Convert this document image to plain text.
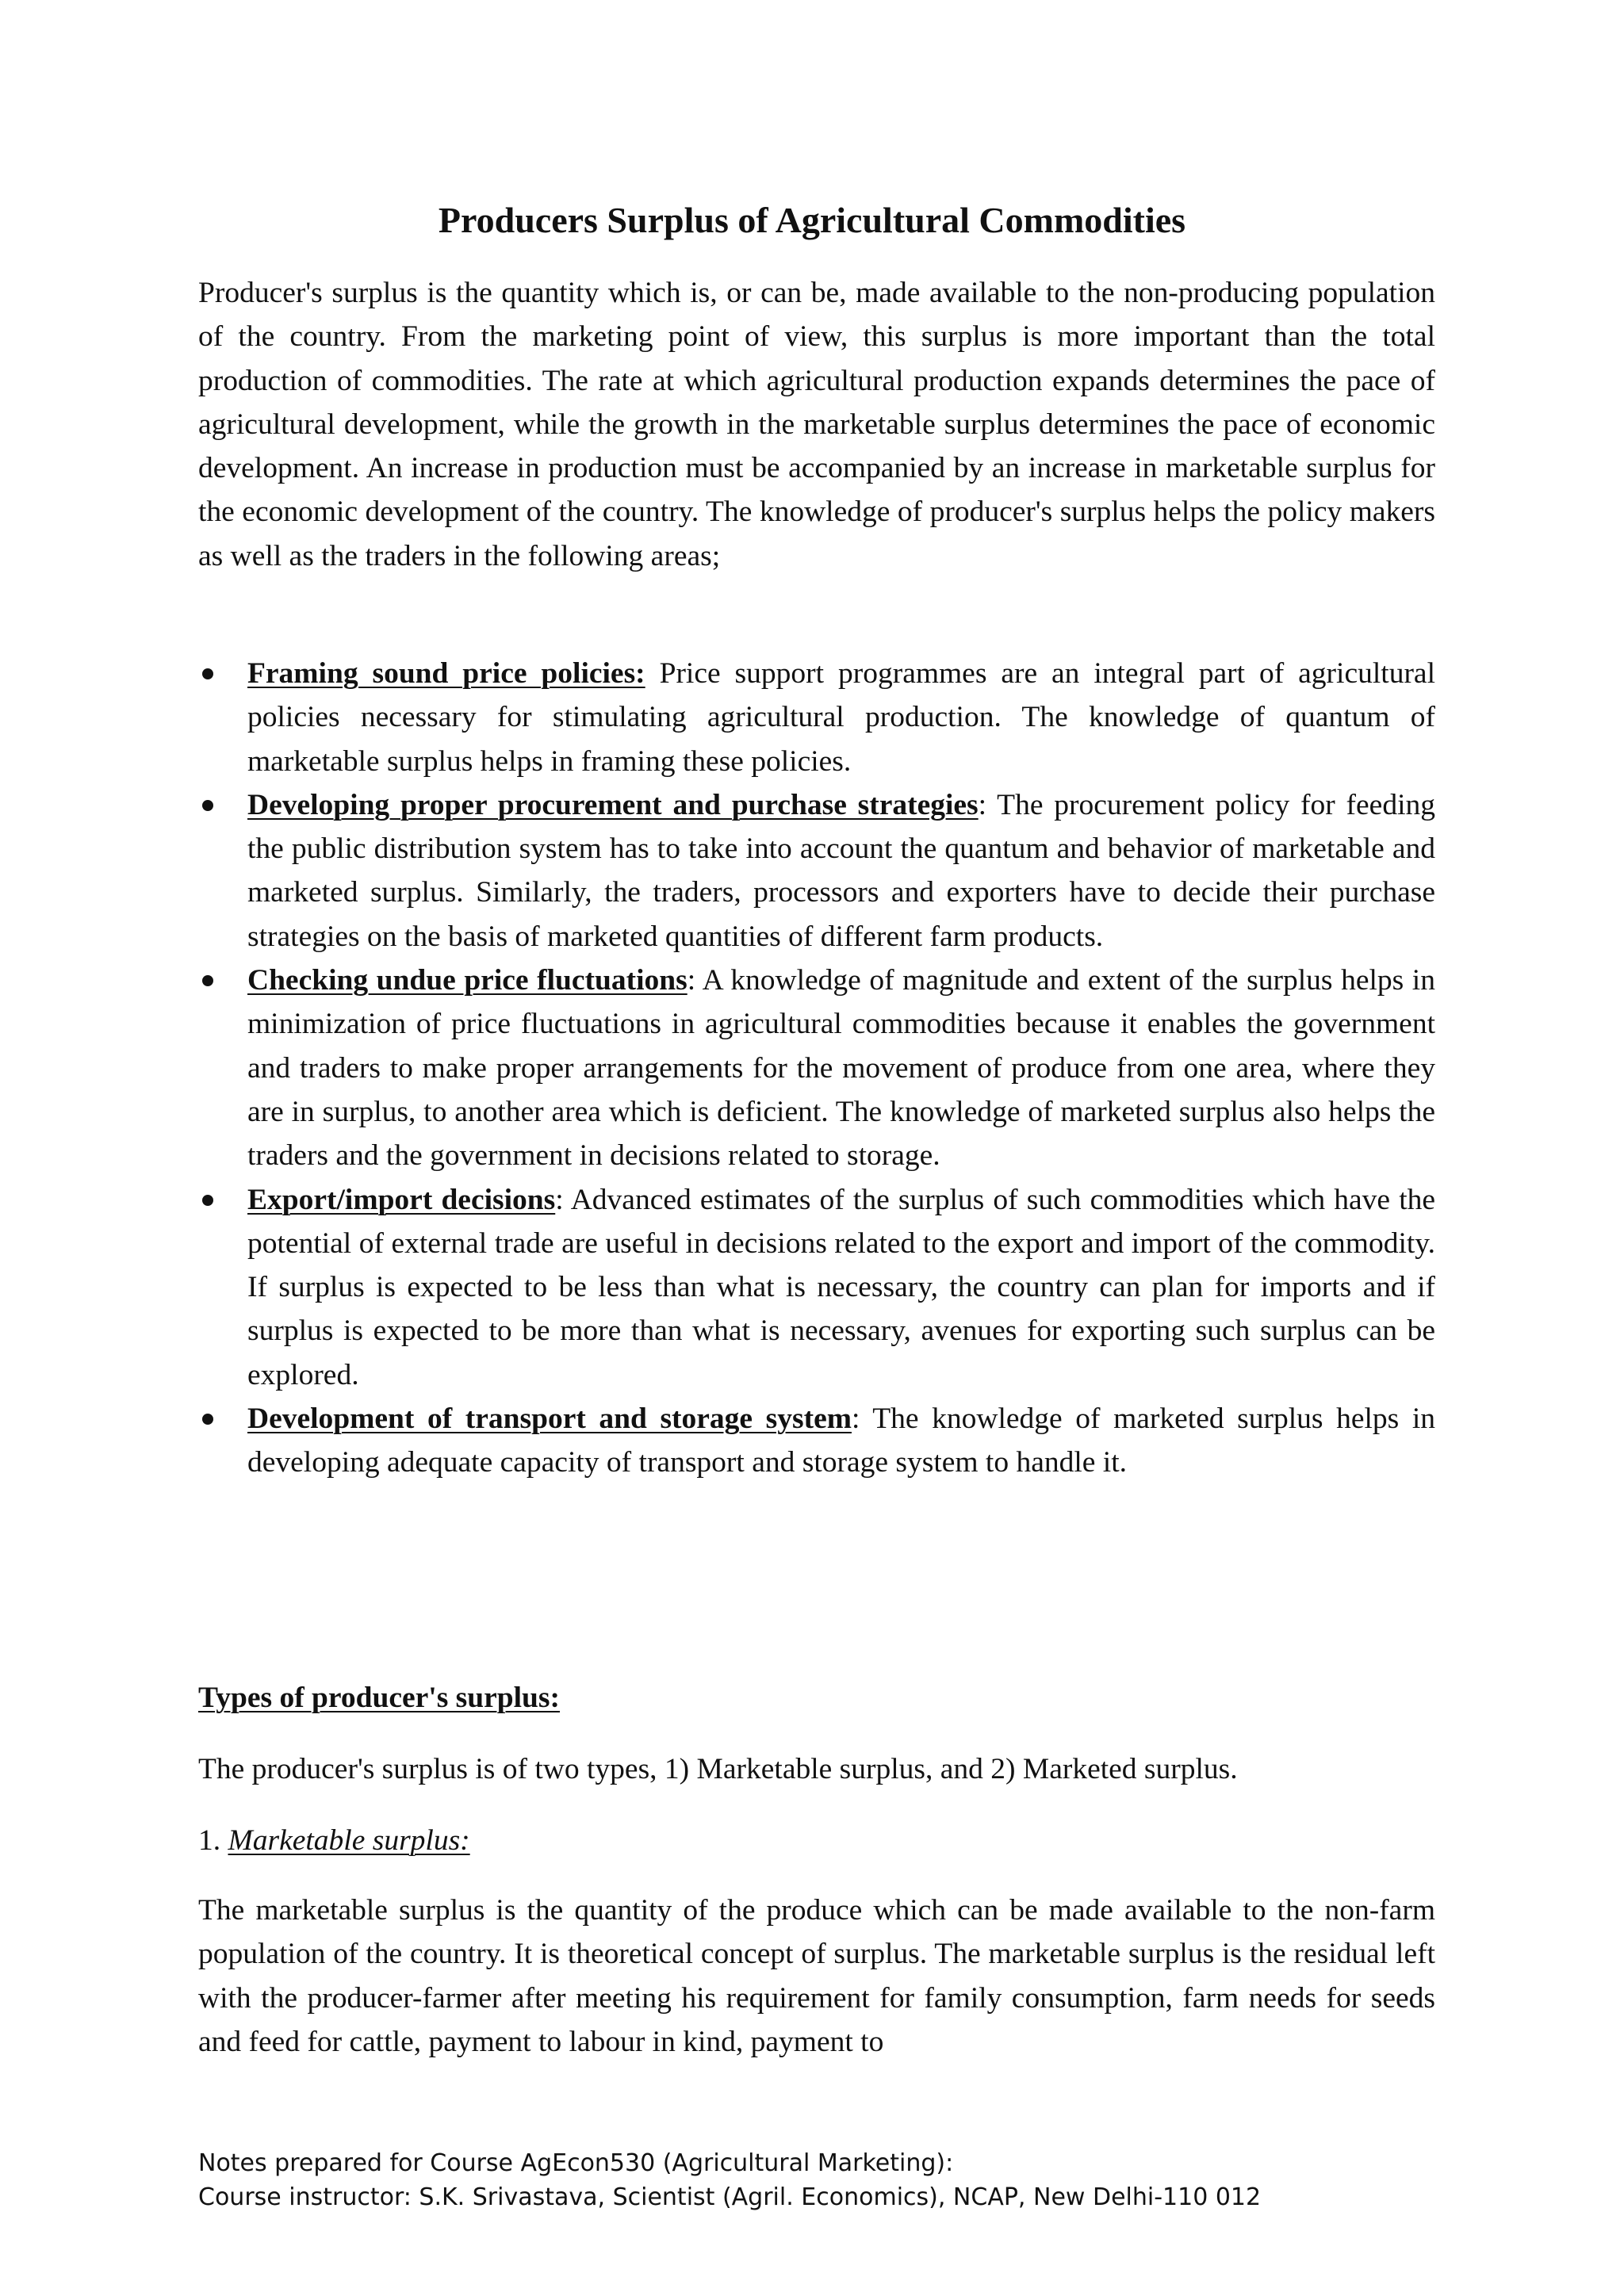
Producers Surplus of Agricultural Commodities

Producer's surplus is the quantity which is, or can be, made available to the non-producing population of the country. From the marketing point of view, this surplus is more important than the total production of commodities. The rate at which agricultural production expands determines the pace of agricultural development, while the growth in the marketable surplus determines the pace of economic development. An increase in production must be accompanied by an increase in marketable surplus for the economic development of the country. The knowledge of producer's surplus helps the policy makers as well as the traders in the following areas;

Framing sound price policies: Price support programmes are an integral part of agricultural policies necessary for stimulating agricultural production. The knowledge of quantum of marketable surplus helps in framing these policies.
Developing proper procurement and purchase strategies: The procurement policy for feeding the public distribution system has to take into account the quantum and behavior of marketable and marketed surplus. Similarly, the traders, processors and exporters have to decide their purchase strategies on the basis of marketed quantities of different farm products.
Checking undue price fluctuations: A knowledge of magnitude and extent of the surplus helps in minimization of price fluctuations in agricultural commodities because it enables the government and traders to make proper arrangements for the movement of produce from one area, where they are in surplus, to another area which is deficient. The knowledge of marketed surplus also helps the traders and the government in decisions related to storage.
Export/import decisions: Advanced estimates of the surplus of such commodities which have the potential of external trade are useful in decisions related to the export and import of the commodity. If surplus is expected to be less than what is necessary, the country can plan for imports and if surplus is expected to be more than what is necessary, avenues for exporting such surplus can be explored.
Development of transport and storage system: The knowledge of marketed surplus helps in developing adequate capacity of transport and storage system to handle it.
Types of producer's surplus:

The producer's surplus is of two types, 1) Marketable surplus, and 2) Marketed surplus.

1. Marketable surplus:

The marketable surplus is the quantity of the produce which can be made available to the non-farm population of the country. It is theoretical concept of surplus. The marketable surplus is the residual left with the producer-farmer after meeting his requirement for family consumption, farm needs for seeds and feed for cattle, payment to labour in kind, payment to

Notes prepared for Course AgEcon530 (Agricultural Marketing):
Course instructor: S.K. Srivastava, Scientist (Agril. Economics), NCAP, New Delhi-110 012
